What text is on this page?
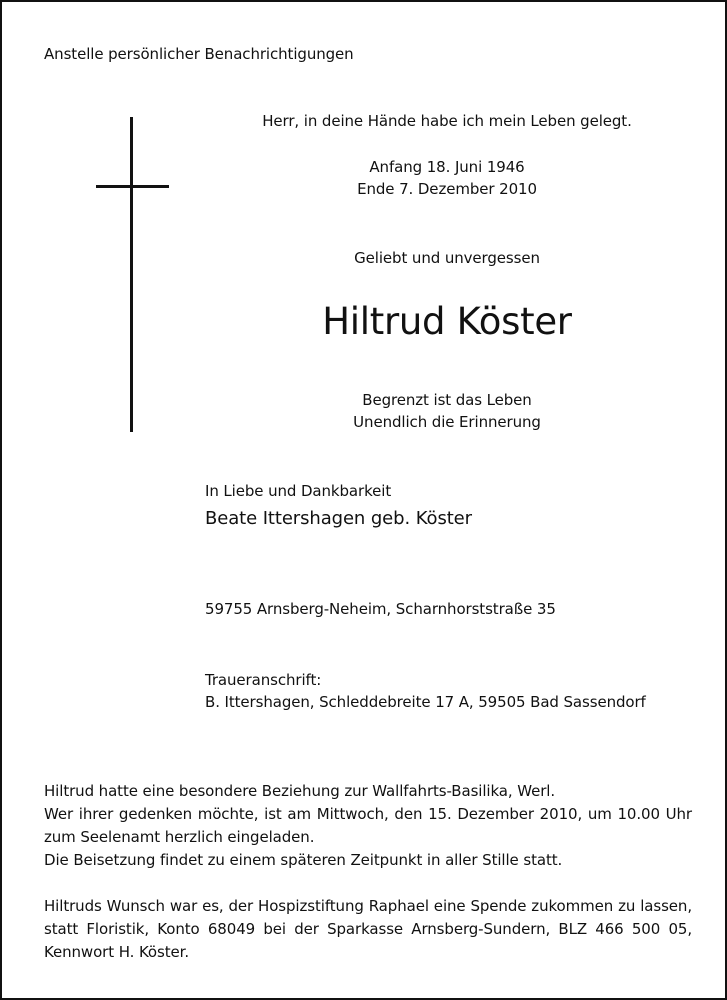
Anstelle persönlicher Benachrichtigungen
Herr, in deine Hände habe ich mein Leben gelegt.
Anfang 18. Juni 1946
Ende 7. Dezember 2010
Geliebt und unvergessen
Hiltrud Köster
Begrenzt ist das Leben
Unendlich die Erinnerung
In Liebe und Dankbarkeit
Beate Ittershagen geb. Köster
59755 Arnsberg-Neheim, Scharnhorststraße 35
Traueranschrift:
B. Ittershagen, Schleddebreite 17 A, 59505 Bad Sassendorf
Hiltrud hatte eine besondere Beziehung zur Wallfahrts-Basilika, Werl.
Wer ihrer gedenken möchte, ist am Mittwoch, den 15. Dezember 2010, um 10.00 Uhr
zum Seelenamt herzlich eingeladen.
Die Beisetzung findet zu einem späteren Zeitpunkt in aller Stille statt.
Hiltruds Wunsch war es, der Hospizstiftung Raphael eine Spende zukommen zu lassen,
statt Floristik, Konto 68049 bei der Sparkasse Arnsberg-Sundern, BLZ 466 500 05,
Kennwort H. Köster.
